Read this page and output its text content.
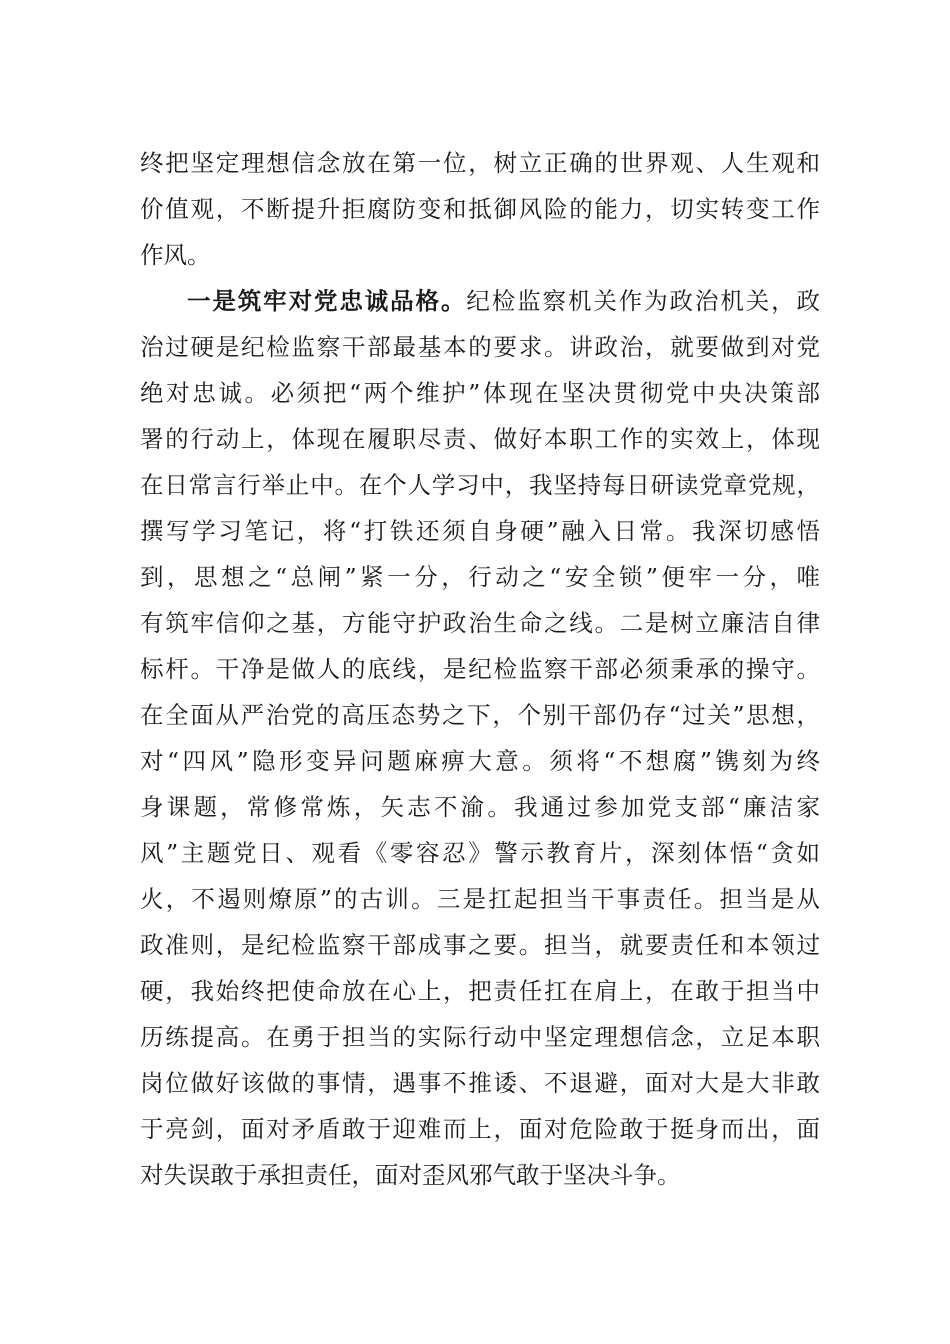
终把坚定理想信念放在第一位，树立正确的世界观、人生观和
价值观，不断提升拒腐防变和抵御风险的能力，切实转变工作
作风。
一是筑牢对党忠诚品格。纪检监察机关作为政治机关，政
治过硬是纪检监察干部最基本的要求。讲政治，就要做到对党
绝对忠诚。必须把“两个维护”体现在坚决贯彻党中央决策部
署的行动上，体现在履职尽责、做好本职工作的实效上，体现
在日常言行举止中。在个人学习中，我坚持每日研读党章党规，
撰写学习笔记，将“打铁还须自身硬”融入日常。我深切感悟
到，思想之“总闸”紧一分，行动之“安全锁”便牢一分，唯
有筑牢信仰之基，方能守护政治生命之线。二是树立廉洁自律
标杆。干净是做人的底线，是纪检监察干部必须秉承的操守。
在全面从严治党的高压态势之下，个别干部仍存“过关”思想，
对“四风”隐形变异问题麻痹大意。须将“不想腐”镌刻为终
身课题，常修常炼，矢志不渝。我通过参加党支部“廉洁家
风”主题党日、观看《零容忍》警示教育片，深刻体悟“贪如
火，不遏则燎原”的古训。三是扛起担当干事责任。担当是从
政准则，是纪检监察干部成事之要。担当，就要责任和本领过
硬，我始终把使命放在心上，把责任扛在肩上，在敢于担当中
历练提高。在勇于担当的实际行动中坚定理想信念，立足本职
岗位做好该做的事情，遇事不推诿、不退避，面对大是大非敢
于亮剑，面对矛盾敢于迎难而上，面对危险敢于挺身而出，面
对失误敢于承担责任，面对歪风邪气敢于坚决斗争。
